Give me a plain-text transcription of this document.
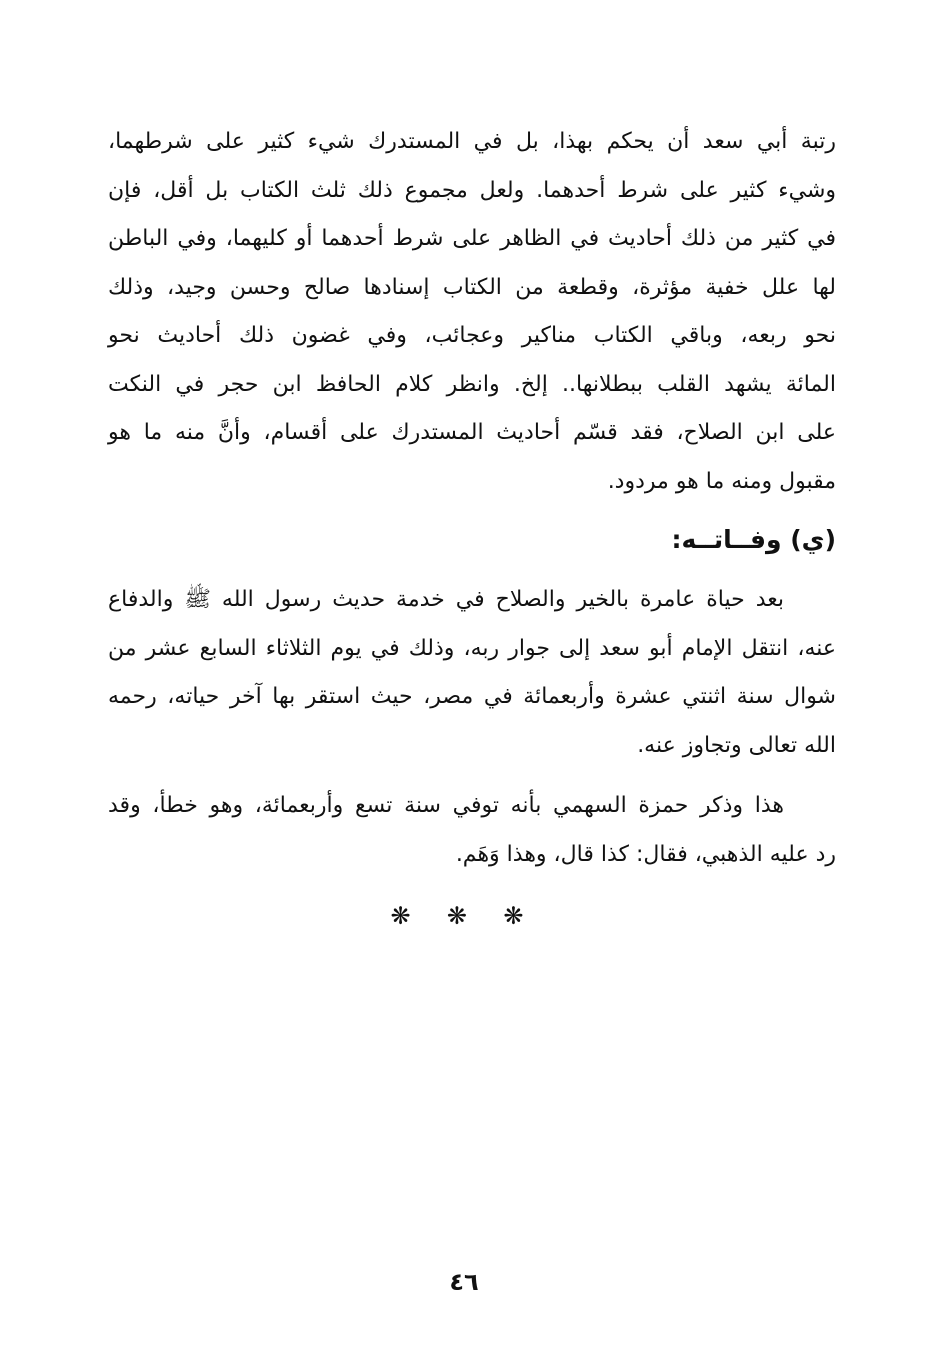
رتبة أبي سعد أن يحكم بهذا، بل في المستدرك شيء كثير على شرطهما،
وشيء كثير على شرط أحدهما. ولعل مجموع ذلك ثلث الكتاب بل أقل، فإن
في كثير من ذلك أحاديث في الظاهر على شرط أحدهما أو كليهما، وفي الباطن
لها علل خفية مؤثرة، وقطعة من الكتاب إسنادها صالح وحسن وجيد، وذلك
نحو ربعه، وباقي الكتاب مناكير وعجائب، وفي غضون ذلك أحاديث نحو
المائة يشهد القلب ببطلانها.. إلخ. وانظر كلام الحافظ ابن حجر في النكت
على ابن الصلاح، فقد قسّم أحاديث المستدرك على أقسام، وأنَّ منه ما هو
مقبول ومنه ما هو مردود.
(ي) وفــاتــه:
بعد حياة عامرة بالخير والصلاح في خدمة حديث رسول الله ﷺ والدفاع
عنه، انتقل الإمام أبو سعد إلى جوار ربه، وذلك في يوم الثلاثاء السابع عشر من
شوال سنة اثنتي عشرة وأربعمائة في مصر، حيث استقر بها آخر حياته، رحمه
الله تعالى وتجاوز عنه.
هذا وذكر حمزة السهمي بأنه توفي سنة تسع وأربعمائة، وهو خطأ، وقد
رد عليه الذهبي، فقال: كذا قال، وهذا وَهَم.
❋ ❋ ❋
٤٦
